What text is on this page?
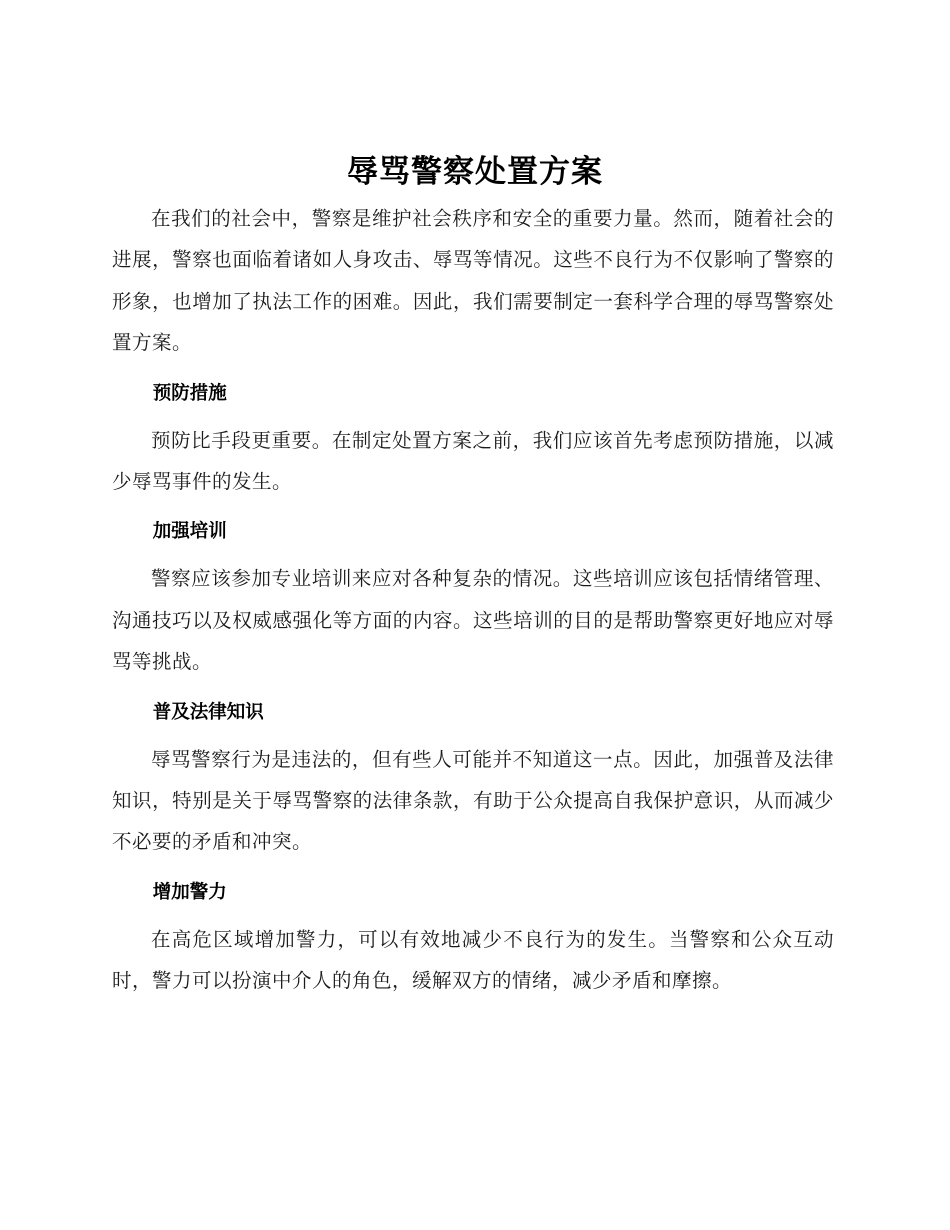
辱骂警察处置方案

在我们的社会中，警察是维护社会秩序和安全的重要力量。然而，随着社会的进展，警察也面临着诸如人身攻击、辱骂等情况。这些不良行为不仅影响了警察的形象，也增加了执法工作的困难。因此，我们需要制定一套科学合理的辱骂警察处置方案。

预防措施

预防比手段更重要。在制定处置方案之前，我们应该首先考虑预防措施，以减少辱骂事件的发生。

加强培训

警察应该参加专业培训来应对各种复杂的情况。这些培训应该包括情绪管理、沟通技巧以及权威感强化等方面的内容。这些培训的目的是帮助警察更好地应对辱骂等挑战。

普及法律知识

辱骂警察行为是违法的，但有些人可能并不知道这一点。因此，加强普及法律知识，特别是关于辱骂警察的法律条款，有助于公众提高自我保护意识，从而减少不必要的矛盾和冲突。

增加警力

在高危区域增加警力，可以有效地减少不良行为的发生。当警察和公众互动时，警力可以扮演中介人的角色，缓解双方的情绪，减少矛盾和摩擦。
